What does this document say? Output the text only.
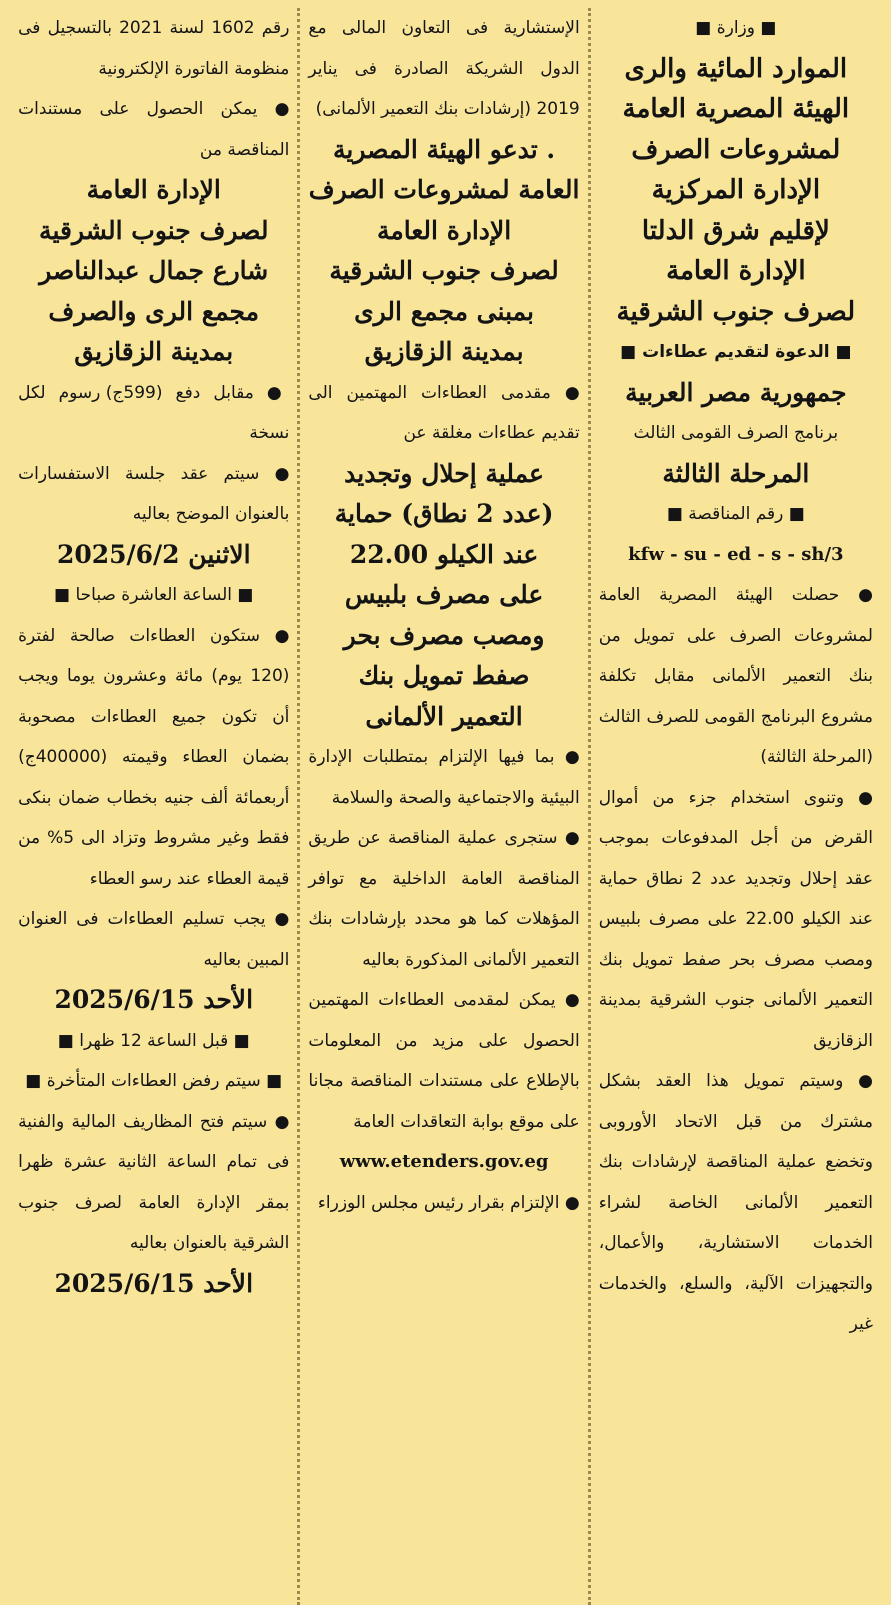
■ وزارة ■

الموارد المائية والرى

الهيئة المصرية العامة

لمشروعات الصرف

الإدارة المركزية

لإقليم شرق الدلتا

الإدارة العامة

لصرف جنوب الشرقية

■ الدعوة لتقديم عطاءات ■

جمهورية مصر العربية

برنامج الصرف القومى الثالث

المرحلة الثالثة

■ رقم المناقصة ■

kfw - su - ed - s - sh/3

● حصلت الهيئة المصرية العامة لمشروعات الصرف على تمويل من بنك التعمير الألمانى مقابل تكلفة مشروع البرنامج القومى للصرف الثالث (المرحلة الثالثة)

● وتنوى استخدام جزء من أموال القرض من أجل المدفوعات بموجب عقد إحلال وتجديد عدد 2 نطاق حماية عند الكيلو 22.00 على مصرف بلبيس ومصب مصرف بحر صفط تمويل بنك التعمير الألمانى جنوب الشرقية بمدينة الزقازيق

● وسيتم تمويل هذا العقد بشكل مشترك من قبل الاتحاد الأوروبى وتخضع عملية المناقصة لإرشادات بنك التعمير الألمانى الخاصة لشراء الخدمات الاستشارية، والأعمال، والتجهيزات الآلية، والسلع، والخدمات غير

الإستشارية فى التعاون المالى مع الدول الشريكة الصادرة فى يناير 2019 (إرشادات بنك التعمير الألمانى)

. تدعو الهيئة المصرية

العامة لمشروعات الصرف

الإدارة العامة

لصرف جنوب الشرقية

بمبنى مجمع الرى

بمدينة الزقازيق

● مقدمى العطاءات المهتمين الى تقديم عطاءات مغلقة عن

عملية إحلال وتجديد

(عدد 2 نطاق) حماية

عند الكيلو 22.00

على مصرف بلبيس

ومصب مصرف بحر

صفط تمويل بنك

التعمير الألمانى

● بما فيها الإلتزام بمتطلبات الإدارة البيئية والاجتماعية والصحة والسلامة

● ستجرى عملية المناقصة عن طريق المناقصة العامة الداخلية مع توافر المؤهلات كما هو محدد بإرشادات بنك التعمير الألمانى المذكورة بعاليه

● يمكن لمقدمى العطاءات المهتمين الحصول على مزيد من المعلومات بالإطلاع على مستندات المناقصة مجانا على موقع بوابة التعاقدات العامة

www.etenders.gov.eg

● الإلتزام بقرار رئيس مجلس الوزراء

رقم 1602 لسنة 2021 بالتسجيل فى منظومة الفاتورة الإلكترونية

● يمكن الحصول على مستندات المناقصة من

الإدارة العامة

لصرف جنوب الشرقية

شارع جمال عبدالناصر

مجمع الرى والصرف

بمدينة الزقازيق

● مقابل دفع (599ج) رسوم لكل نسخة

● سيتم عقد جلسة الاستفسارات بالعنوان الموضح بعاليه

2025/6/2 الاثنين

■ الساعة العاشرة صباحا ■

● ستكون العطاءات صالحة لفترة (120 يوم) مائة وعشرون يوما ويجب أن تكون جميع العطاءات مصحوبة بضمان العطاء وقيمته (400000ج) أربعمائة ألف جنيه بخطاب ضمان بنكى فقط وغير مشروط وتزاد الى 5% من قيمة العطاء عند رسو العطاء

● يجب تسليم العطاءات فى العنوان المبين بعاليه

2025/6/15 الأحد

■ قبل الساعة 12 ظهرا ■

■ سيتم رفض العطاءات المتأخرة ■

● سيتم فتح المظاريف المالية والفنية فى تمام الساعة الثانية عشرة ظهرا بمقر الإدارة العامة لصرف جنوب الشرقية بالعنوان بعاليه

2025/6/15 الأحد
